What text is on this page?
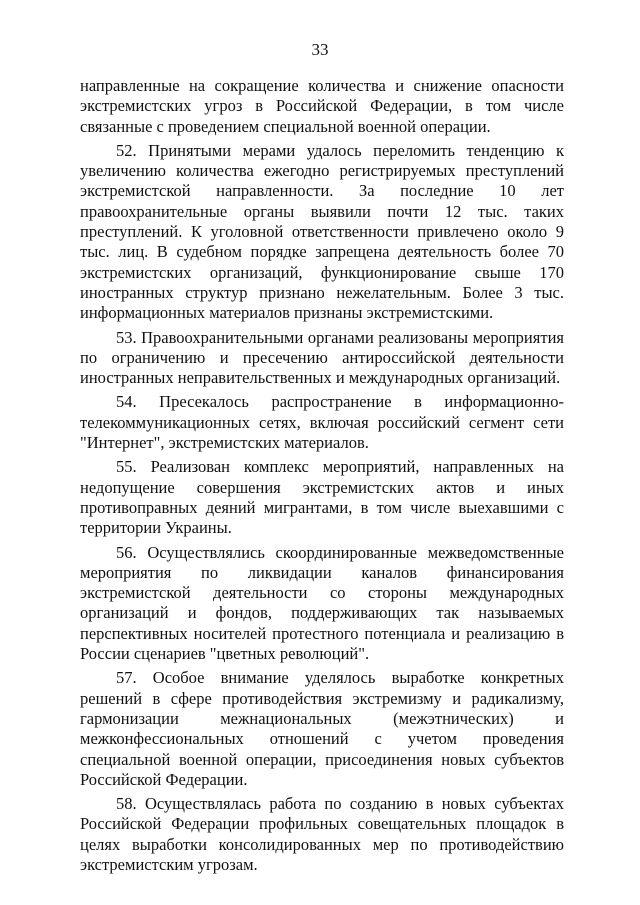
33

направленные на сокращение количества и снижение опасности экстремистских угроз в Российской Федерации, в том числе связанные с проведением специальной военной операции.

52. Принятыми мерами удалось переломить тенденцию к увеличению количества ежегодно регистрируемых преступлений экстремистской направленности. За последние 10 лет правоохранительные органы выявили почти 12 тыс. таких преступлений. К уголовной ответственности привлечено около 9 тыс. лиц. В судебном порядке запрещена деятельность более 70 экстремистских организаций, функционирование свыше 170 иностранных структур признано нежелательным. Более 3 тыс. информационных материалов признаны экстремистскими.

53. Правоохранительными органами реализованы мероприятия по ограничению и пресечению антироссийской деятельности иностранных неправительственных и международных организаций.

54. Пресекалось распространение в информационно-телекоммуникационных сетях, включая российский сегмент сети "Интернет", экстремистских материалов.

55. Реализован комплекс мероприятий, направленных на недопущение совершения экстремистских актов и иных противоправных деяний мигрантами, в том числе выехавшими с территории Украины.

56. Осуществлялись скоординированные межведомственные мероприятия по ликвидации каналов финансирования экстремистской деятельности со стороны международных организаций и фондов, поддерживающих так называемых перспективных носителей протестного потенциала и реализацию в России сценариев "цветных революций".

57. Особое внимание уделялось выработке конкретных решений в сфере противодействия экстремизму и радикализму, гармонизации межнациональных (межэтнических) и межконфессиональных отношений с учетом проведения специальной военной операции, присоединения новых субъектов Российской Федерации.

58. Осуществлялась работа по созданию в новых субъектах Российской Федерации профильных совещательных площадок в целях выработки консолидированных мер по противодействию экстремистским угрозам.
